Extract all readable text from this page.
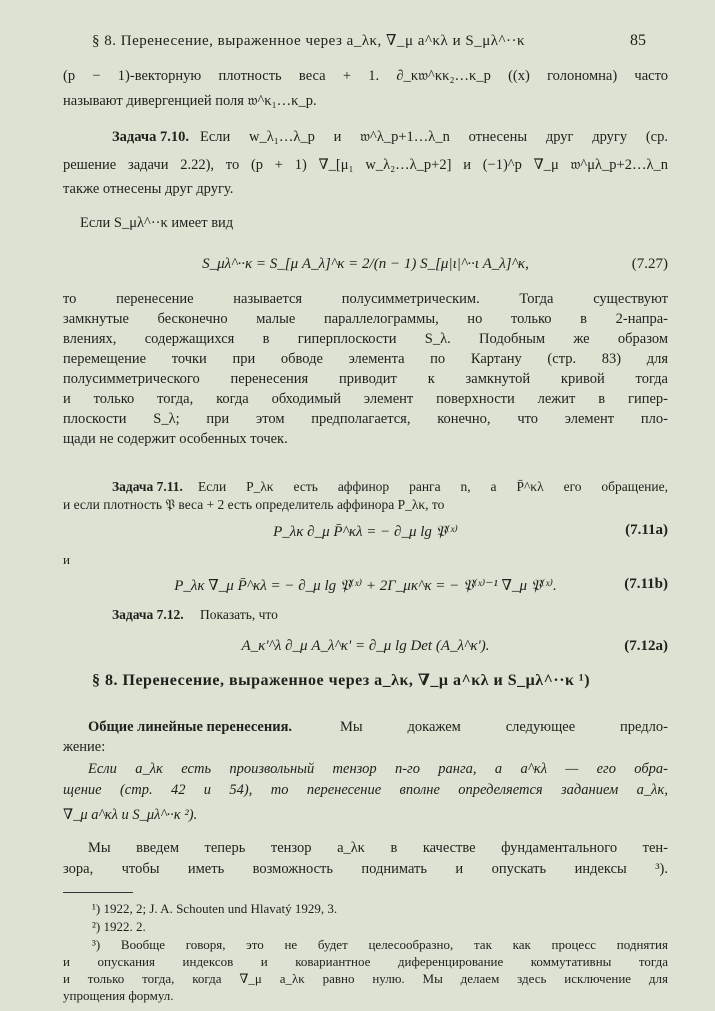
§ 8. Перенесение, выраженное через a_λκ, ∇_μ a^κλ и S_μλ^··κ	85
(p − 1)-векторную плотность веса + 1. ∂_κ𝔴^κκ₂…κ_p ((x) голономна) часто
называют дивергенцией поля 𝔴^κ₁…κ_p.
Задача 7.10. Если w_λ₁…λ_p и 𝔴^λ_p+1…λ_n отнесены друг другу (ср.
решение задачи 2.22), то (p + 1) ∇_[μ₁ w_λ₂…λ_p+2] и (−1)^p ∇_μ 𝔴^μλ_p+2…λ_n
также отнесены друг другу.
Если S_μλ^··κ имеет вид
S_μλ^··κ = S_[μ A_λ]^κ = 2/(n − 1) S_[μ|ι|^··ι A_λ]^κ,	(7.27)
то перенесение называется полусимметрическим. Тогда существуют
замкнутые бесконечно малые параллелограммы, но только в 2-напра-
влениях, содержащихся в гиперплоскости S_λ. Подобным же образом
перемещение точки при обводе элемента по Картану (стр. 83) для
полусимметрического перенесения приводит к замкнутой кривой тогда
и только тогда, когда обходимый элемент поверхности лежит в гипер-
плоскости S_λ; при этом предполагается, конечно, что элемент пло-
щади не содержит особенных точек.
Задача 7.11.	Если P_λκ есть аффинор ранга n, а P̄^κλ его обращение,
и если плотность 𝔓 веса + 2 есть определитель аффинора P_λκ, то
P_λκ ∂_μ P̄^κλ = − ∂_μ lg 𝔓⁽ˣ⁾	(7.11a)
и
P_λκ ∇_μ P̄^κλ = − ∂_μ lg 𝔓⁽ˣ⁾ + 2Γ_μκ^κ = − 𝔓⁽ˣ⁾⁻¹ ∇_μ 𝔓⁽ˣ⁾.	(7.11b)
Задача 7.12.	Показать, что
A_κ'^λ ∂_μ A_λ^κ' = ∂_μ lg Det (A_λ^κ').	(7.12a)
§ 8. Перенесение, выраженное через a_λκ, ∇_μ a^κλ и S_μλ^··κ ¹)
Общие линейные перенесения.	Мы докажем следующее предло-
жение:
Если a_λκ есть произвольный тензор n-го ранга, а a^κλ — его обра-
щение (стр. 42 и 54), то перенесение вполне определяется заданием a_λκ,
∇_μ a^κλ и S_μλ^··κ ²).
Мы введем теперь тензор a_λκ в качестве фундаментального тен-
зора, чтобы иметь возможность поднимать и опускать индексы ³).
¹) 1922, 2; J. A. Schouten und Hlavatý 1929, 3.
²) 1922. 2.
³) Вообще говоря, это не будет целесообразно, так как процесс поднятия
и опускания индексов и ковариантное диференцирование коммутативны тогда
и только тогда, когда ∇_μ a_λκ равно нулю. Мы делаем здесь исключение для
упрощения формул.
